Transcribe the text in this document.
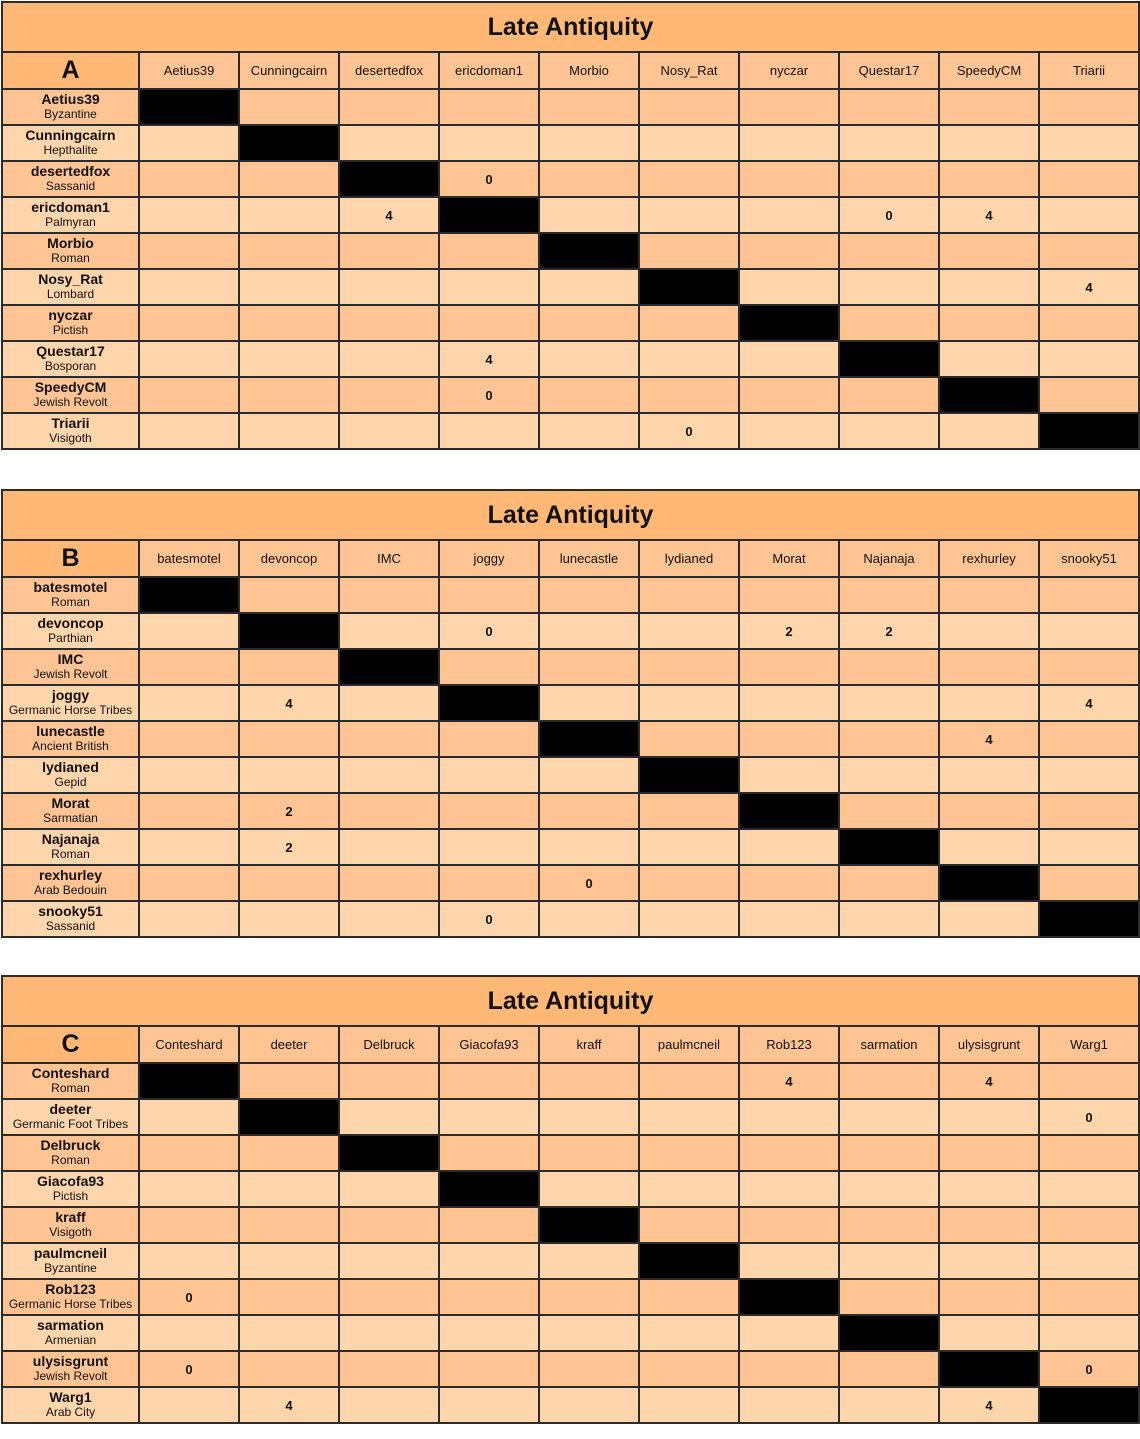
Late Antiquity										
A	Aetius39	Cunningcairn	desertedfox	ericdoman1	Morbio	Nosy_Rat	nyczar	Questar17	SpeedyCM	Triarii

Aetius39
Byzantine										

Cunningcairn
Hepthalite										

desertedfox
Sassanid				0						

ericdoman1
Palmyran			4					0	4	

Morbio
Roman										

Nosy_Rat
Lombard										4

nyczar
Pictish										

Questar17
Bosporan				4						

SpeedyCM
Jewish Revolt				0						

Triarii
Visigoth						0				
Late Antiquity										
B	batesmotel	devoncop	IMC	joggy	lunecastle	lydianed	Morat	Najanaja	rexhurley	snooky51

batesmotel
Roman										

devoncop
Parthian				0			2	2		

IMC
Jewish Revolt										

joggy
Germanic Horse Tribes		4								4

lunecastle
Ancient British									4	

lydianed
Gepid										

Morat
Sarmatian		2								

Najanaja
Roman		2								

rexhurley
Arab Bedouin					0					

snooky51
Sassanid				0						
Late Antiquity										
C	Conteshard	deeter	Delbruck	Giacofa93	kraff	paulmcneil	Rob123	sarmation	ulysisgrunt	Warg1

Conteshard
Roman							4		4	

deeter
Germanic Foot Tribes										0

Delbruck
Roman										

Giacofa93
Pictish										

kraff
Visigoth										

paulmcneil
Byzantine										

Rob123
Germanic Horse Tribes	0									

sarmation
Armenian										

ulysisgrunt
Jewish Revolt	0									0

Warg1
Arab City		4							4	
